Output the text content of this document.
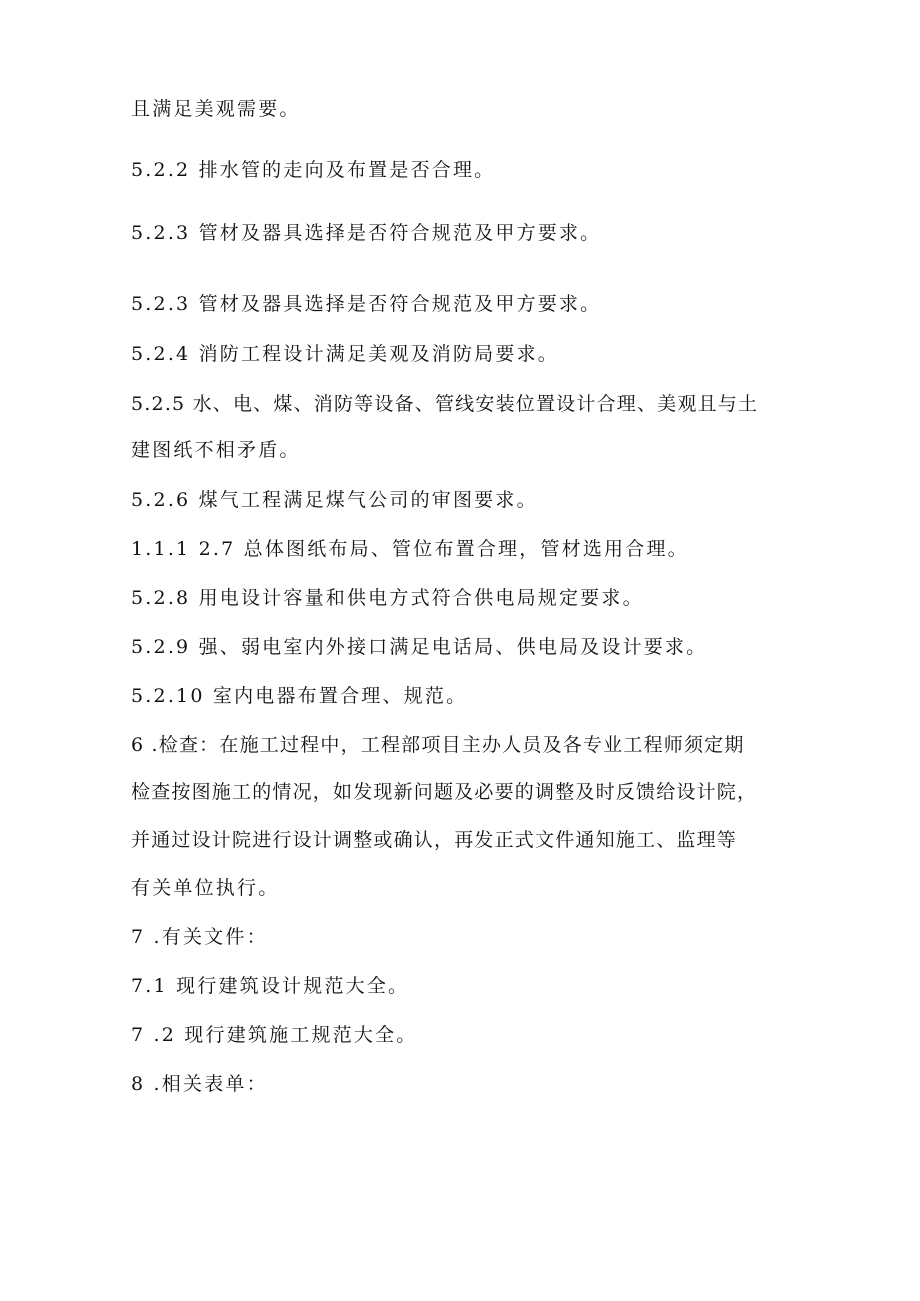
且满足美观需要。
5.2.2 排水管的走向及布置是否合理。
5.2.3 管材及器具选择是否符合规范及甲方要求。
5.2.3 管材及器具选择是否符合规范及甲方要求。
5.2.4 消防工程设计满足美观及消防局要求。
5.2.5 水、电、煤、消防等设备、管线安装位置设计合理、美观且与土
建图纸不相矛盾。
5.2.6 煤气工程满足煤气公司的审图要求。
1.1.1 2.7 总体图纸布局、管位布置合理，管材选用合理。
5.2.8 用电设计容量和供电方式符合供电局规定要求。
5.2.9 强、弱电室内外接口满足电话局、供电局及设计要求。
5.2.10 室内电器布置合理、规范。
6 .检查：在施工过程中，工程部项目主办人员及各专业工程师须定期
检查按图施工的情况，如发现新问题及必要的调整及时反馈给设计院，
并通过设计院进行设计调整或确认，再发正式文件通知施工、监理等
有关单位执行。
7 .有关文件：
7.1 现行建筑设计规范大全。
7 .2 现行建筑施工规范大全。
8 .相关表单：
